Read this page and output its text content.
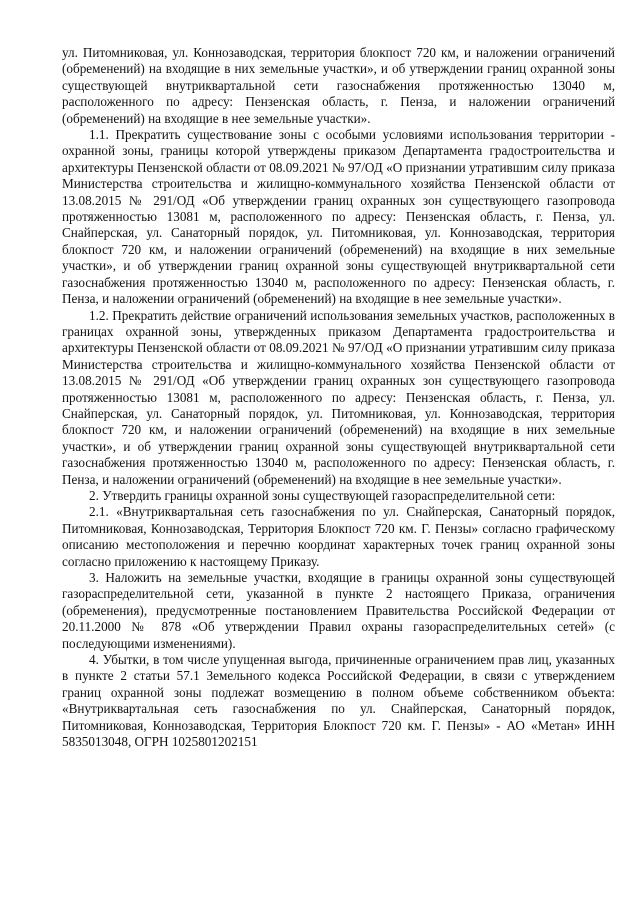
ул. Питомниковая, ул. Коннозаводская, территория блокпост 720 км, и наложении ограничений (обременений) на входящие в них земельные участки», и об утверждении границ охранной зоны существующей внутриквартальной сети газоснабжения протяженностью 13040 м, расположенного по адресу: Пензенская область, г. Пенза, и наложении ограничений (обременений) на входящие в нее земельные участки».

1.1. Прекратить существование зоны с особыми условиями использования территории - охранной зоны, границы которой утверждены приказом Департамента градостроительства и архитектуры Пензенской области от 08.09.2021 № 97/ОД «О признании утратившим силу приказа Министерства строительства и жилищно-коммунального хозяйства Пензенской области от 13.08.2015 № 291/ОД «Об утверждении границ охранных зон существующего газопровода протяженностью 13081 м, расположенного по адресу: Пензенская область, г. Пенза, ул. Снайперская, ул. Санаторный порядок, ул. Питомниковая, ул. Коннозаводская, территория блокпост 720 км, и наложении ограничений (обременений) на входящие в них земельные участки», и об утверждении границ охранной зоны существующей внутриквартальной сети газоснабжения протяженностью 13040 м, расположенного по адресу: Пензенская область, г. Пенза, и наложении ограничений (обременений) на входящие в нее земельные участки».

1.2. Прекратить действие ограничений использования земельных участков, расположенных в границах охранной зоны, утвержденных приказом Департамента градостроительства и архитектуры Пензенской области от 08.09.2021 № 97/ОД «О признании утратившим силу приказа Министерства строительства и жилищно-коммунального хозяйства Пензенской области от 13.08.2015 № 291/ОД «Об утверждении границ охранных зон существующего газопровода протяженностью 13081 м, расположенного по адресу: Пензенская область, г. Пенза, ул. Снайперская, ул. Санаторный порядок, ул. Питомниковая, ул. Коннозаводская, территория блокпост 720 км, и наложении ограничений (обременений) на входящие в них земельные участки», и об утверждении границ охранной зоны существующей внутриквартальной сети газоснабжения протяженностью 13040 м, расположенного по адресу: Пензенская область, г. Пенза, и наложении ограничений (обременений) на входящие в нее земельные участки».

2. Утвердить границы охранной зоны существующей газораспределительной сети:

2.1. «Внутриквартальная сеть газоснабжения по ул. Снайперская, Санаторный порядок, Питомниковая, Коннозаводская, Территория Блокпост 720 км. Г. Пензы» согласно графическому описанию местоположения и перечню координат характерных точек границ охранной зоны согласно приложению к настоящему Приказу.

3. Наложить на земельные участки, входящие в границы охранной зоны существующей газораспределительной сети, указанной в пункте 2 настоящего Приказа, ограничения (обременения), предусмотренные постановлением Правительства Российской Федерации от 20.11.2000 № 878 «Об утверждении Правил охраны газораспределительных сетей» (с последующими изменениями).

4. Убытки, в том числе упущенная выгода, причиненные ограничением прав лиц, указанных в пункте 2 статьи 57.1 Земельного кодекса Российской Федерации, в связи с утверждением границ охранной зоны подлежат возмещению в полном объеме собственником объекта: «Внутриквартальная сеть газоснабжения по ул. Снайперская, Санаторный порядок, Питомниковая, Коннозаводская, Территория Блокпост 720 км. Г. Пензы» - АО «Метан» ИНН 5835013048, ОГРН 1025801202151
